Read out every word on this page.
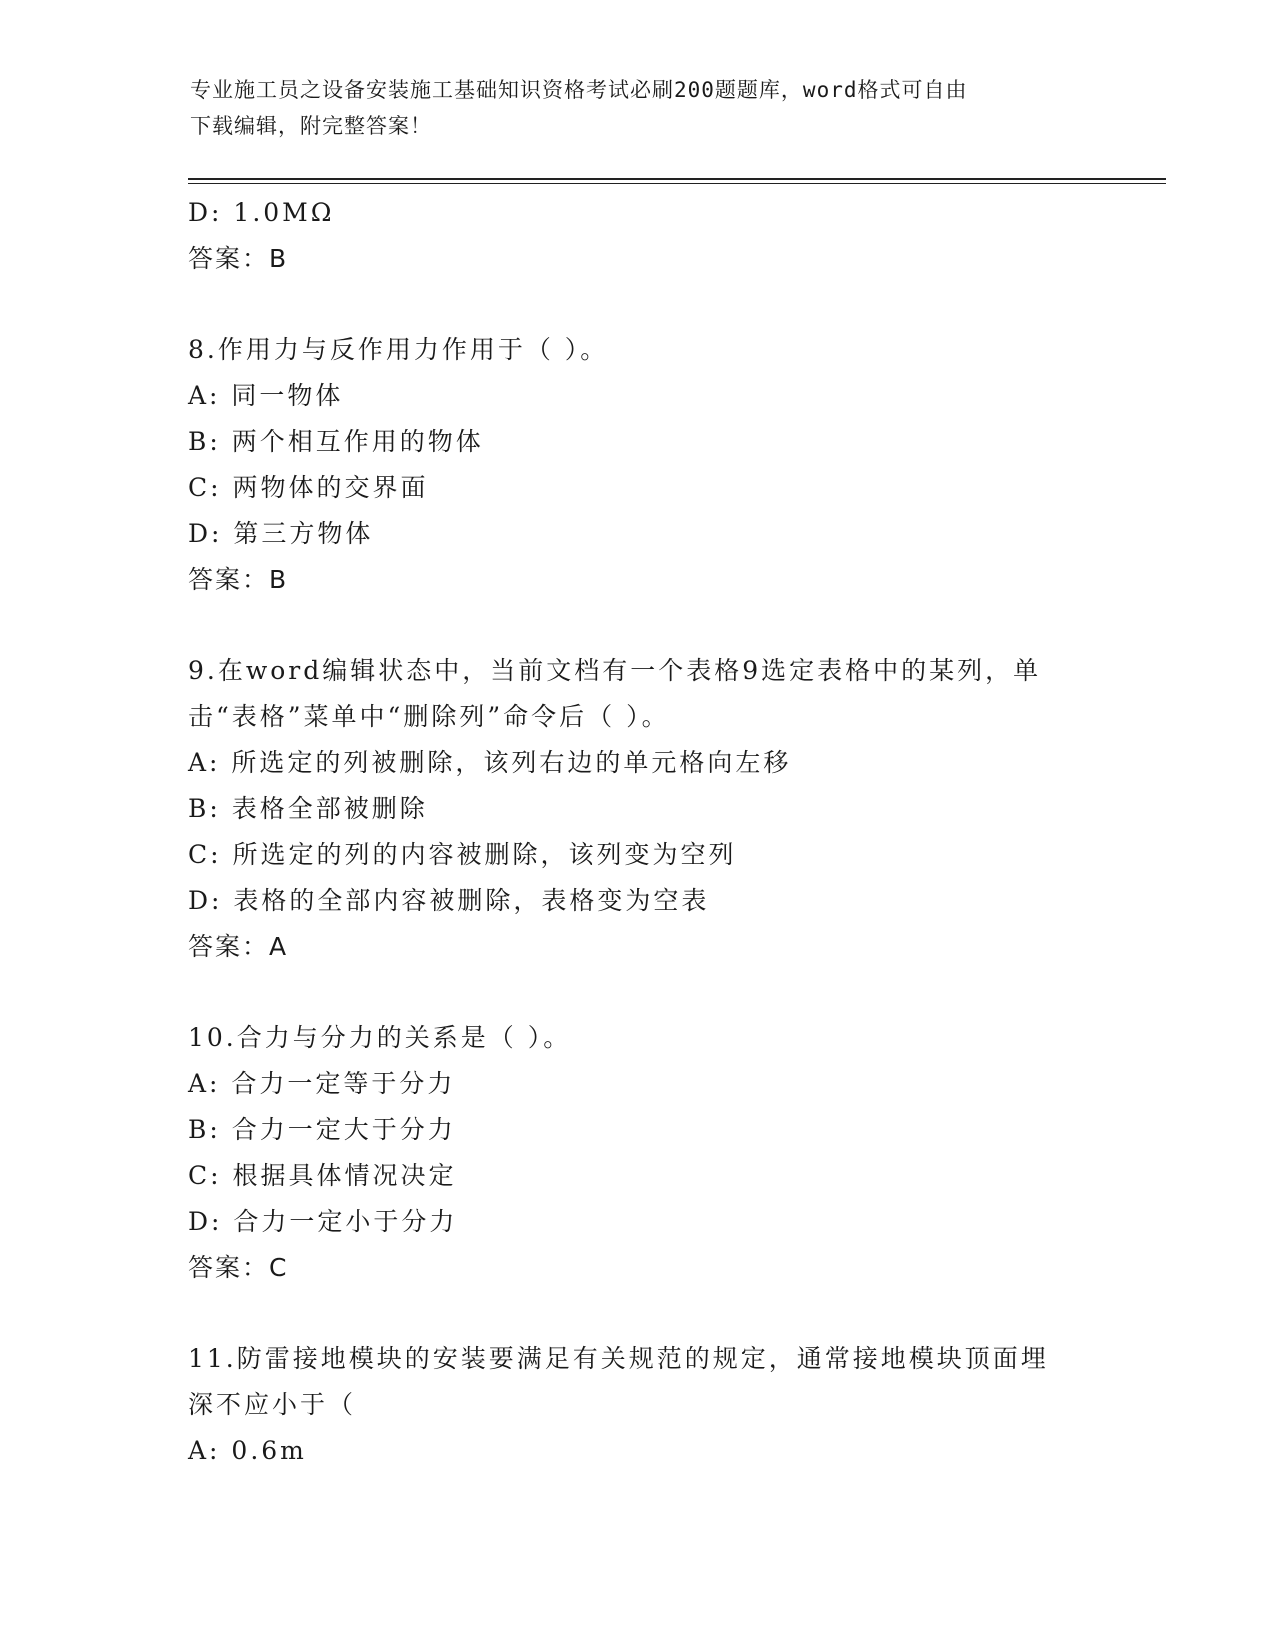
专业施工员之设备安装施工基础知识资格考试必刷200题题库，word格式可自由
下载编辑，附完整答案！
D: 1.0MΩ
答案：B
8.作用力与反作用力作用于（ ）。
A: 同一物体
B: 两个相互作用的物体
C: 两物体的交界面
D: 第三方物体
答案：B
9.在word编辑状态中，当前文档有一个表格9选定表格中的某列，单
击“表格”菜单中“删除列”命令后（ ）。
A: 所选定的列被删除，该列右边的单元格向左移
B: 表格全部被删除
C: 所选定的列的内容被删除，该列变为空列
D: 表格的全部内容被删除，表格变为空表
答案：A
10.合力与分力的关系是（ ）。
A: 合力一定等于分力
B: 合力一定大于分力
C: 根据具体情况决定
D: 合力一定小于分力
答案：C
11.防雷接地模块的安装要满足有关规范的规定，通常接地模块顶面埋
深不应小于（
A: 0.6m
